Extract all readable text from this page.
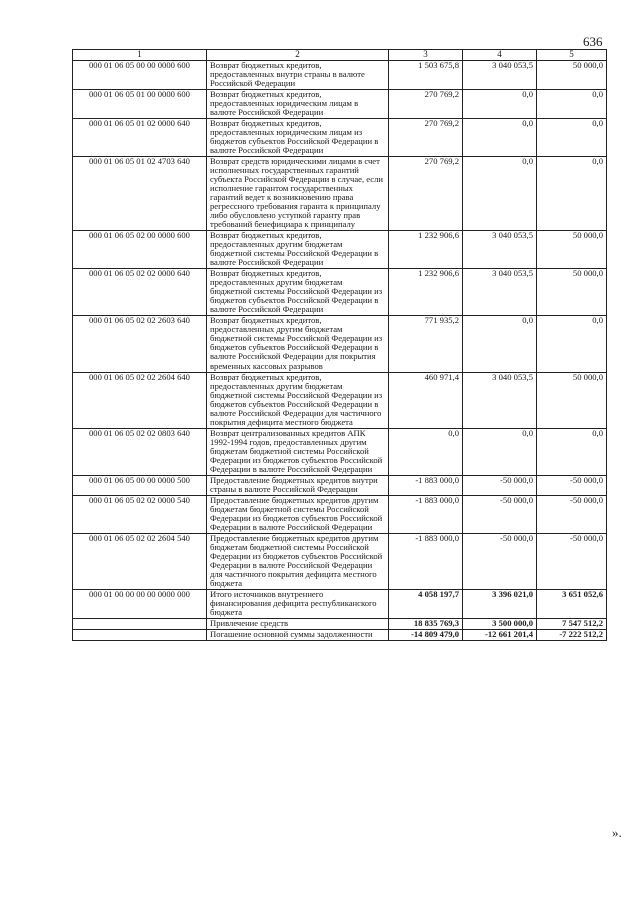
636
1	2	3	4	5
000 01 06 05 00 00 0000 600	Возврат бюджетных кредитов, предоставленных внутри страны в валюте Российской Федерации	1 503 675,8	3 040 053,5	50 000,0
000 01 06 05 01 00 0000 600	Возврат бюджетных кредитов, предоставленных юридическим лицам в валюте Российской Федерации	270 769,2	0,0	0,0
000 01 06 05 01 02 0000 640	Возврат бюджетных кредитов, предоставленных юридическим лицам из бюджетов субъектов Российской Федерации в валюте Российской Федерации	270 769,2	0,0	0,0
000 01 06 05 01 02 4703 640	Возврат средств юридическими лицами в счет исполненных государственных гарантий субъекта Российской Федерации в случае, если исполнение гарантом государственных гарантий ведет к возникновению права регрессного требования гаранта к принципалу либо обусловлено уступкой гаранту прав требований бенефициара к принципалу	270 769,2	0,0	0,0
000 01 06 05 02 00 0000 600	Возврат бюджетных кредитов, предоставленных другим бюджетам бюджетной системы Российской Федерации в валюте Российской Федерации	1 232 906,6	3 040 053,5	50 000,0
000 01 06 05 02 02 0000 640	Возврат бюджетных кредитов, предоставленных другим бюджетам бюджетной системы Российской Федерации из бюджетов субъектов Российской Федерации в валюте Российской Федерации	1 232 906,6	3 040 053,5	50 000,0
000 01 06 05 02 02 2603 640	Возврат бюджетных кредитов, предоставленных другим бюджетам бюджетной системы Российской Федерации из бюджетов субъектов Российской Федерации в валюте Российской Федерации для покрытия временных кассовых разрывов	771 935,2	0,0	0,0
000 01 06 05 02 02 2604 640	Возврат бюджетных кредитов, предоставленных другим бюджетам бюджетной системы Российской Федерации из бюджетов субъектов Российской Федерации в валюте Российской Федерации для частичного покрытия дефицита местного бюджета	460 971,4	3 040 053,5	50 000,0
000 01 06 05 02 02 0803 640	Возврат централизованных кредитов АПК 1992-1994 годов, предоставленных другим бюджетам бюджетной системы Российской Федерации из бюджетов субъектов Российской Федерации в валюте Российской Федерации	0,0	0,0	0,0
000 01 06 05 00 00 0000 500	Предоставление бюджетных кредитов внутри страны в валюте Российской Федерации	-1 883 000,0	-50 000,0	-50 000,0
000 01 06 05 02 02 0000 540	Предоставление бюджетных кредитов другим бюджетам бюджетной системы Российской Федерации из бюджетов субъектов Российской Федерации в валюте Российской Федерации	-1 883 000,0	-50 000,0	-50 000,0
000 01 06 05 02 02 2604 540	Предоставление бюджетных кредитов другим бюджетам бюджетной системы Российской Федерации из бюджетов субъектов Российской Федерации в валюте Российской Федерации для частичного покрытия дефицита местного бюджета	-1 883 000,0	-50 000,0	-50 000,0
000 01 00 00 00 00 0000 000	Итого источников внутреннего финансирования дефицита республиканского бюджета	4 058 197,7	3 396 021,0	3 651 052,6
	Привлечение средств	18 835 769,3	3 500 000,0	7 547 512,2
	Погашение основной суммы задолженности	-14 809 479,0	-12 661 201,4	-7 222 512,2
».
